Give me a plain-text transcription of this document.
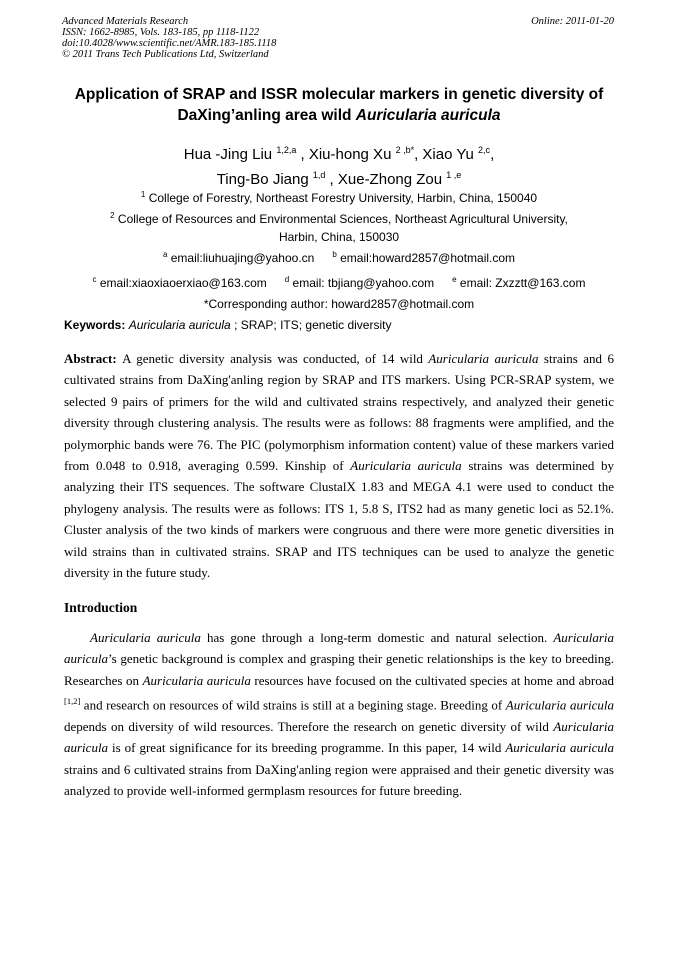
Advanced Materials Research
ISSN: 1662-8985, Vols. 183-185, pp 1118-1122
doi:10.4028/www.scientific.net/AMR.183-185.1118
© 2011 Trans Tech Publications Ltd, Switzerland
Online: 2011-01-20
Application of SRAP and ISSR molecular markers in genetic diversity of
DaXing’anling area wild Auricularia auricula
Hua -Jing Liu $^{1,2,a}$ , Xiu-hong Xu $^{2 ,b*}$, Xiao Yu $^{2,c}$,
Ting-Bo Jiang $^{1,d}$ , Xue-Zhong Zou $^{1 ,e}$
$^1$ College of Forestry, Northeast Forestry University, Harbin, China, 150040
$^2$ College of Resources and Environmental Sciences, Northeast Agricultural University,
Harbin, China, 150030
$^a$ email:liuhuajing@yahoo.cn $^b$ email:howard2857@hotmail.com
$^c$ email:xiaoxiaoerxiao@163.com $^d$ email: tbjiang@yahoo.com $^e$ email: Zxzztt@163.com
*Corresponding author: howard2857@hotmail.com
Keywords: Auricularia auricula ; SRAP; ITS; genetic diversity
Abstract: A genetic diversity analysis was conducted, of 14 wild Auricularia auricula strains and 6 cultivated strains from DaXing'anling region by SRAP and ITS markers. Using PCR-SRAP system, we selected 9 pairs of primers for the wild and cultivated strains respectively, and analyzed their genetic diversity through clustering analysis. The results were as follows: 88 fragments were amplified, and the polymorphic bands were 76. The PIC (polymorphism information content) value of these markers varied from 0.048 to 0.918, averaging 0.599. Kinship of Auricularia auricula strains was determined by analyzing their ITS sequences. The software ClustalX 1.83 and MEGA 4.1 were used to conduct the phylogeny analysis. The results were as follows: ITS 1, 5.8 S, ITS2 had as many genetic loci as 52.1%. Cluster analysis of the two kinds of markers were congruous and there were more genetic diversities in wild strains than in cultivated strains. SRAP and ITS techniques can be used to analyze the genetic diversity in the future study.
Introduction
Auricularia auricula has gone through a long-term domestic and natural selection. Auricularia auricula’s genetic background is complex and grasping their genetic relationships is the key to breeding. Researches on Auricularia auricula resources have focused on the cultivated species at home and abroad [1,2] and research on resources of wild strains is still at a begining stage. Breeding of Auricularia auricula depends on diversity of wild resources. Therefore the research on genetic diversity of wild Auricularia auricula is of great significance for its breeding programme. In this paper, 14 wild Auricularia auricula strains and 6 cultivated strains from DaXing'anling region were appraised and their genetic diversity was analyzed to provide well-informed germplasm resources for future breeding.
